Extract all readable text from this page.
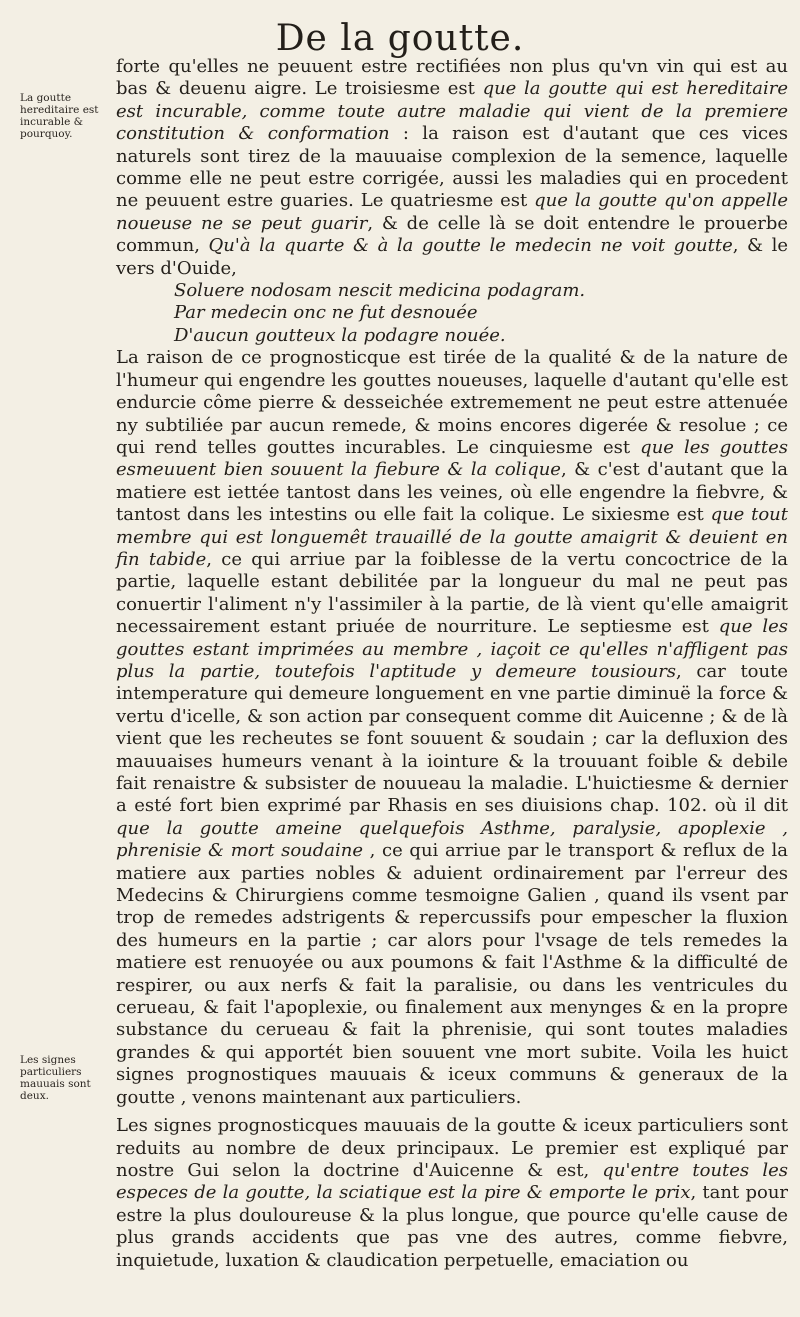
De la goutte.
La goutte hereditaire est incurable & pourquoy.
Les signes particuliers mauuais sont deux.

forte qu'elles ne peuuent estre rectifiées non plus qu'vn vin qui est au bas & deuenu aigre. Le troisiesme est que la goutte qui est hereditaire est incurable, comme toute autre maladie qui vient de la premiere constitution & conformation : la raison est d'autant que ces vices naturels sont tirez de la mauuaise complexion de la semence, laquelle comme elle ne peut estre corrigée, aussi les maladies qui en procedent ne peuuent estre guaries. Le quatriesme est que la goutte qu'on appelle noueuse ne se peut guarir, & de celle là se doit entendre le prouerbe commun, Qu'à la quarte & à la goutte le medecin ne voit goutte, & le vers d'Ouide,

Soluere nodosam nescit medicina podagram.
Par medecin onc ne fut desnouée
D'aucun goutteux la podagre nouée.

La raison de ce prognosticque est tirée de la qualité & de la nature de l'humeur qui engendre les gouttes noueuses, laquelle d'autant qu'elle est endurcie côme pierre & desseichée extremement ne peut estre attenuée ny subtiliée par aucun remede, & moins encores digerée & resolue ; ce qui rend telles gouttes incurables. Le cinquiesme est que les gouttes esmeuuent bien souuent la fiebure & la colique, & c'est d'autant que la matiere est iettée tantost dans les veines, où elle engendre la fiebvre, & tantost dans les intestins ou elle fait la colique. Le sixiesme est que tout membre qui est longuemêt trauaillé de la goutte amaigrit & deuient en fin tabide, ce qui arriue par la foiblesse de la vertu concoctrice de la partie, laquelle estant debilitée par la longueur du mal ne peut pas conuertir l'aliment n'y l'assimiler à la partie, de là vient qu'elle amaigrit necessairement estant priuée de nourriture. Le septiesme est que les gouttes estant imprimées au membre , iaçoit ce qu'elles n'affligent pas plus la partie, toutefois l'aptitude y demeure tousiours, car toute intemperature qui demeure longuement en vne partie diminuë la force & vertu d'icelle, & son action par consequent comme dit Auicenne ; & de là vient que les recheutes se font souuent & soudain ; car la defluxion des mauuaises humeurs venant à la iointure & la trouuant foible & debile fait renaistre & subsister de nouueau la maladie. L'huictiesme & dernier a esté fort bien exprimé par Rhasis en ses diuisions chap. 102. où il dit que la goutte ameine quelquefois Asthme, paralysie, apoplexie , phrenisie & mort soudaine , ce qui arriue par le transport & reflux de la matiere aux parties nobles & aduient ordinairement par l'erreur des Medecins & Chirurgiens comme tesmoigne Galien , quand ils vsent par trop de remedes adstrigents & repercussifs pour empescher la fluxion des humeurs en la partie ; car alors pour l'vsage de tels remedes la matiere est renuoyée ou aux poumons & fait l'Asthme & la difficulté de respirer, ou aux nerfs & fait la paralisie, ou dans les ventricules du cerueau, & fait l'apoplexie, ou finalement aux menynges & en la propre substance du cerueau & fait la phrenisie, qui sont toutes maladies grandes & qui apportét bien souuent vne mort subite. Voila les huict signes prognostiques mauuais & iceux communs & generaux de la goutte , venons maintenant aux particuliers.

Les signes prognosticques mauuais de la goutte & iceux particuliers sont reduits au nombre de deux principaux. Le premier est expliqué par nostre Gui selon la doctrine d'Auicenne & est, qu'entre toutes les especes de la goutte, la sciatique est la pire & emporte le prix, tant pour estre la plus douloureuse & la plus longue, que pource qu'elle cause de plus grands accidents que pas vne des autres, comme fiebvre, inquietude, luxation & claudication perpetuelle, emaciation ou
